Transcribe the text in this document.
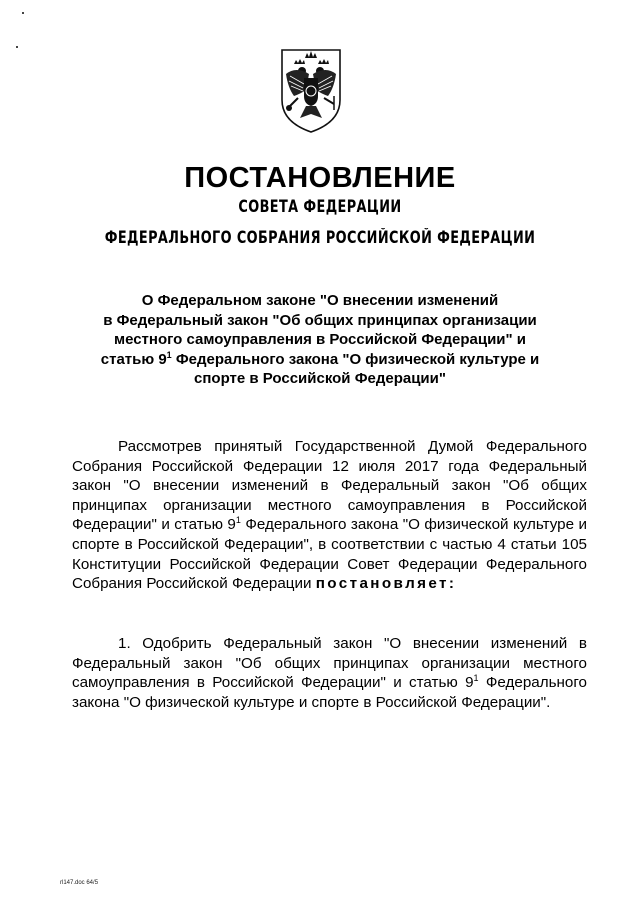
ПОСТАНОВЛЕНИЕ
СОВЕТА ФЕДЕРАЦИИ
ФЕДЕРАЛЬНОГО СОБРАНИЯ РОССИЙСКОЙ ФЕДЕРАЦИИ
О Федеральном законе "О внесении изменений
в Федеральный закон "Об общих принципах организации
местного самоуправления в Российской Федерации" и
статью $9^1$ Федерального закона "О физической культуре и
спорте в Российской Федерации"
Рассмотрев принятый Государственной Думой Федерального Собрания Российской Федерации 12 июля 2017 года Федеральный закон "О внесении изменений в Федеральный закон "Об общих принципах организации местного самоуправления в Российской Федерации" и статью $9^1$ Федерального закона "О физической культуре и спорте в Российской Федерации", в соответствии с частью 4 статьи 105 Конституции Российской Федерации Совет Федерации Федерального Собрания Российской Федерации постановляет:
1. Одобрить Федеральный закон "О внесении изменений в Федеральный закон "Об общих принципах организации местного самоуправления в Российской Федерации" и статью $9^1$ Федерального закона "О физической культуре и спорте в Российской Федерации".
rl147.doc 64/5
